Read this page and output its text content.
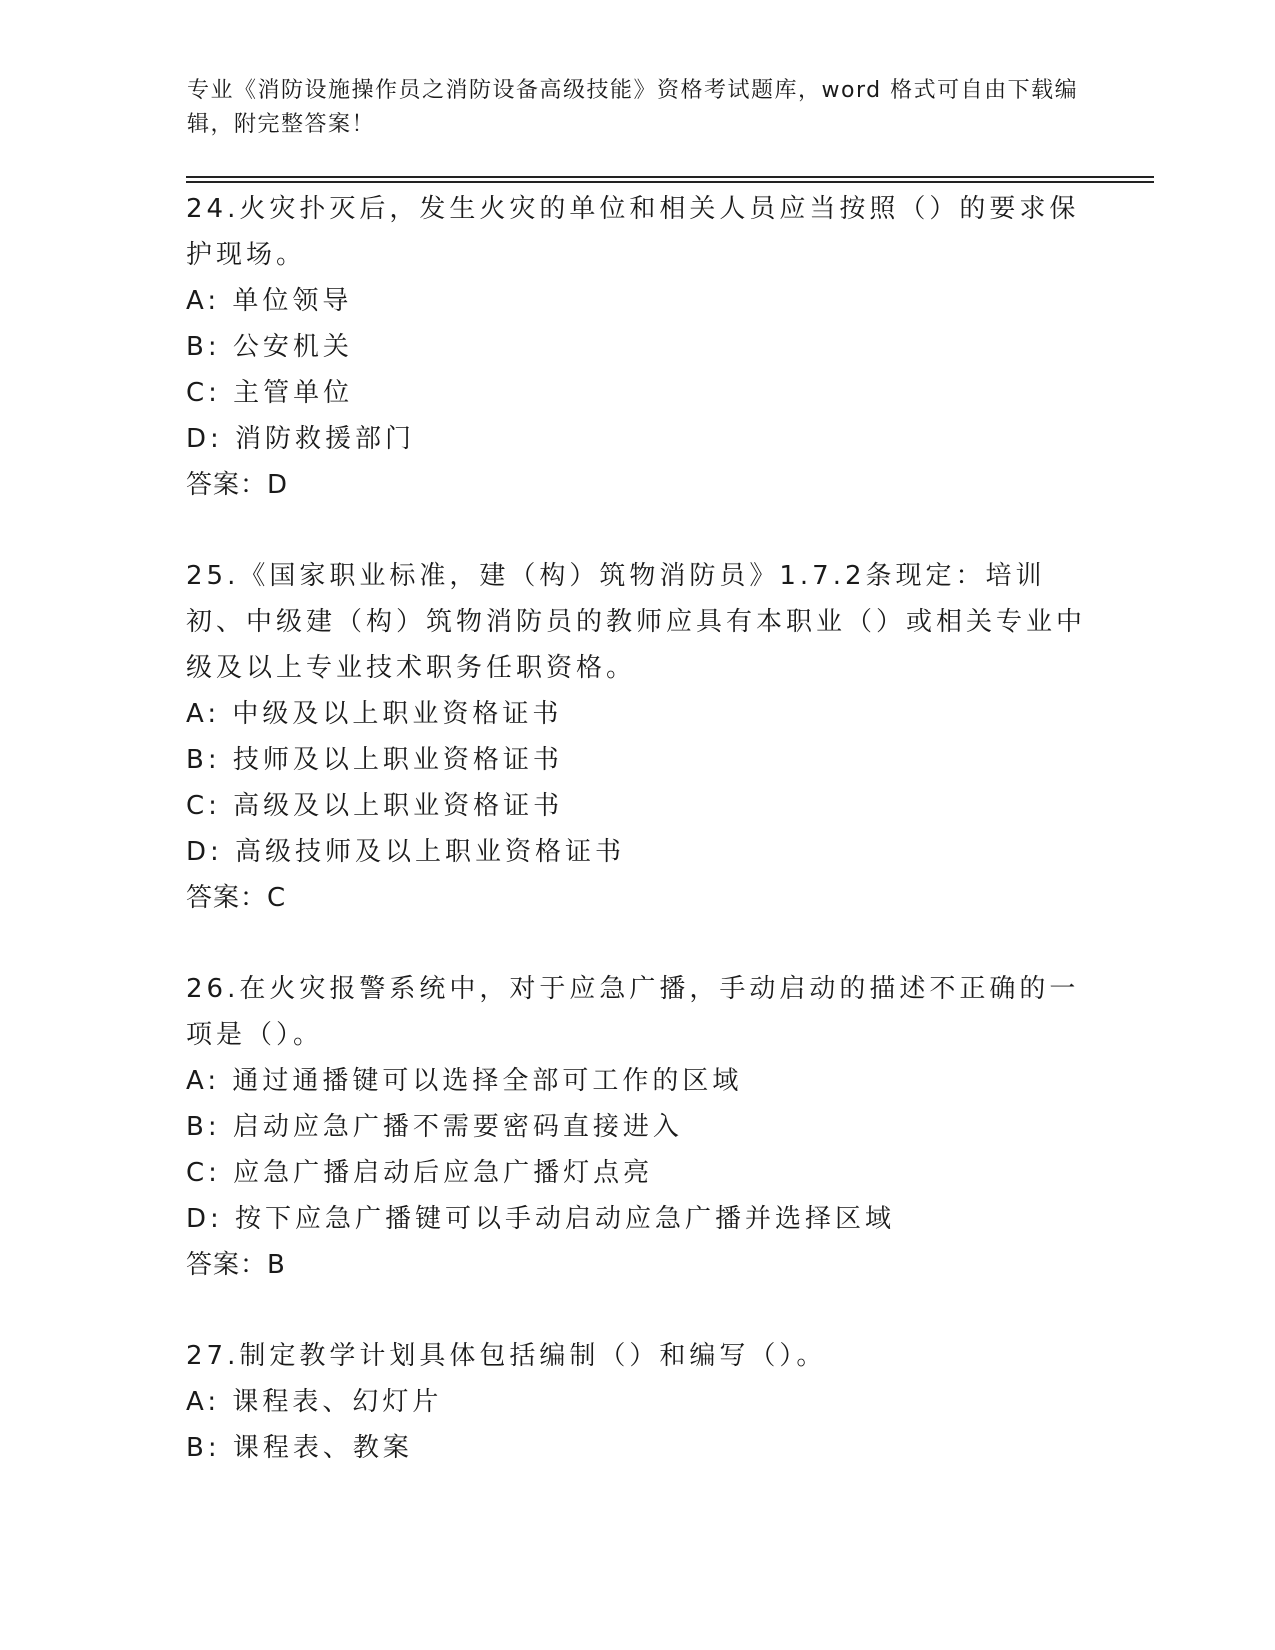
专业《消防设施操作员之消防设备高级技能》资格考试题库，word 格式可自由下载编辑，附完整答案！
24.火灾扑灭后，发生火灾的单位和相关人员应当按照（）的要求保护现场。
A: 单位领导
B: 公安机关
C: 主管单位
D: 消防救援部门
答案：D
25.《国家职业标准，建（构）筑物消防员》1.7.2条现定：培训初、中级建（构）筑物消防员的教师应具有本职业（）或相关专业中级及以上专业技术职务任职资格。
A: 中级及以上职业资格证书
B: 技师及以上职业资格证书
C: 高级及以上职业资格证书
D: 高级技师及以上职业资格证书
答案：C
26.在火灾报警系统中，对于应急广播，手动启动的描述不正确的一项是（）。
A: 通过通播键可以选择全部可工作的区域
B: 启动应急广播不需要密码直接进入
C: 应急广播启动后应急广播灯点亮
D: 按下应急广播键可以手动启动应急广播并选择区域
答案：B
27.制定教学计划具体包括编制（）和编写（）。
A: 课程表、幻灯片
B: 课程表、教案
